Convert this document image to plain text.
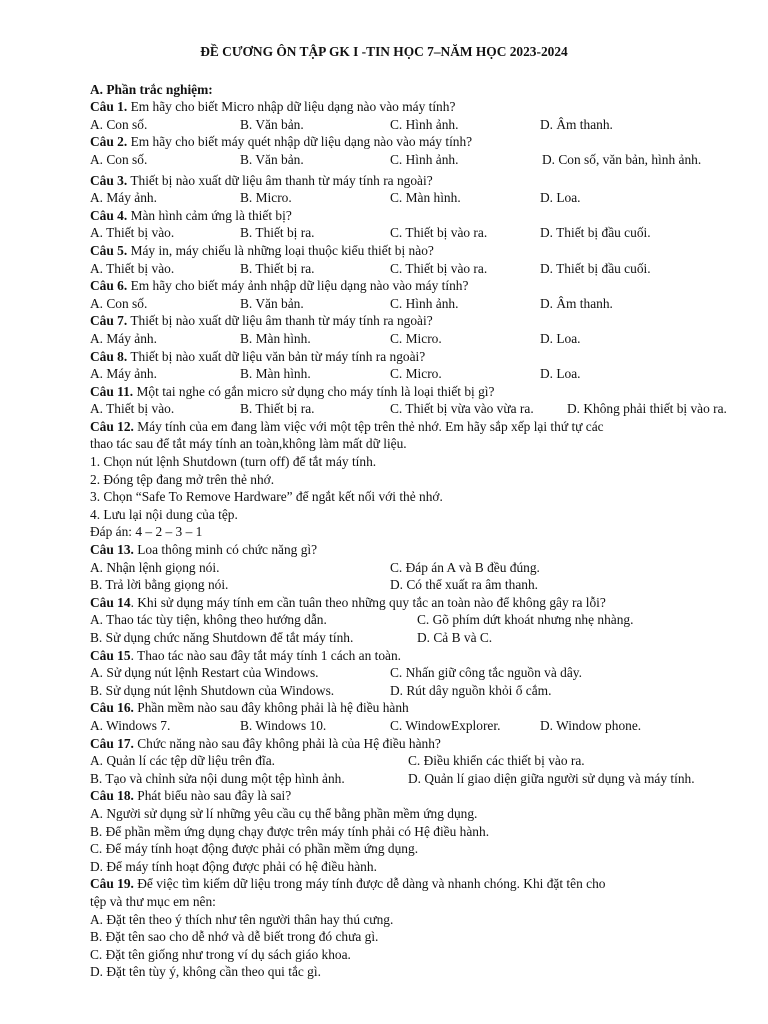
ĐỀ CƯƠNG ÔN TẬP GK I -TIN HỌC 7–NĂM HỌC 2023-2024
A. Phần trắc nghiệm:
Câu 1. Em hãy cho biết Micro nhập dữ liệu dạng nào vào máy tính?
A. Con số.	B. Văn bản.	C. Hình ảnh.	D. Âm thanh.
Câu 2. Em hãy cho biết máy quét nhập dữ liệu dạng nào vào máy tính?
A. Con số.	B. Văn bản.	C. Hình ảnh.	D. Con số, văn bản, hình ảnh.
Câu 3. Thiết bị nào xuất dữ liệu âm thanh từ máy tính ra ngoài?
A. Máy ảnh.	B. Micro.	C. Màn hình.	D. Loa.
Câu 4. Màn hình cảm ứng là thiết bị?
A. Thiết bị vào.	B. Thiết bị ra.	C. Thiết bị vào ra.	D. Thiết bị đầu cuối.
Câu 5. Máy in, máy chiếu là những loại thuộc kiểu thiết bị nào?
A. Thiết bị vào.	B. Thiết bị ra.	C. Thiết bị vào ra.	D. Thiết bị đầu cuối.
Câu 6. Em hãy cho biết máy ảnh nhập dữ liệu dạng nào vào máy tính?
A. Con số.	B. Văn bản.	C. Hình ảnh.	D. Âm thanh.
Câu 7. Thiết bị nào xuất dữ liệu âm thanh từ máy tính ra ngoài?
A. Máy ảnh.	B. Màn hình.	C. Micro.	D. Loa.
Câu 8. Thiết bị nào xuất dữ liệu văn bản từ máy tính ra ngoài?
A. Máy ảnh.	B. Màn hình.	C. Micro.	D. Loa.
Câu 11. Một tai nghe có gắn micro sử dụng cho máy tính là loại thiết bị gì?
A. Thiết bị vào.	B. Thiết bị ra.	C. Thiết bị vừa vào vừa ra.	D. Không phải thiết bị vào ra.
Câu 12. Máy tính của em đang làm việc với một tệp trên thẻ nhớ. Em hãy sắp xếp lại thứ tự các
thao tác sau để tắt máy tính an toàn,không làm mất dữ liệu.
1. Chọn nút lệnh Shutdown (turn off) để tắt máy tính.
2. Đóng tệp đang mở trên thẻ nhớ.
3. Chọn “Safe To Remove Hardware” để ngắt kết nối với thẻ nhớ.
4. Lưu lại nội dung của tệp.
Đáp án: 4 – 2 – 3 – 1
Câu 13. Loa thông minh có chức năng gì?
A. Nhận lệnh giọng nói.	C. Đáp án A và B đều đúng.
B. Trả lời bằng giọng nói.	D. Có thể xuất ra âm thanh.
Câu 14. Khi sử dụng máy tính em cần tuân theo những quy tắc an toàn nào để không gây ra lỗi?
A. Thao tác tùy tiện, không theo hướng dẫn.	C. Gõ phím dứt khoát nhưng nhẹ nhàng.
B. Sử dụng chức năng Shutdown để tắt máy tính.	D. Cả B và C.
Câu 15. Thao tác nào sau đây tắt máy tính 1 cách an toàn.
A. Sử dụng nút lệnh Restart của Windows.	C. Nhấn giữ công tắc nguồn và dây.
B. Sử dụng nút lệnh Shutdown của Windows.	D. Rút dây nguồn khỏi ổ cắm.
Câu 16. Phần mềm nào sau đây không phải là hệ điều hành
A. Windows 7.	B. Windows 10.	C. WindowExplorer.	D. Window phone.
Câu 17. Chức năng nào sau đây không phải là của Hệ điều hành?
A. Quản lí các tệp dữ liệu trên đĩa.	C. Điều khiển các thiết bị vào ra.
B. Tạo và chỉnh sửa nội dung một tệp hình ảnh.	D. Quản lí giao diện giữa người sử dụng và máy tính.
Câu 18. Phát biểu nào sau đây là sai?
A. Người sử dụng sử lí những yêu cầu cụ thể bằng phần mềm ứng dụng.
B. Để phần mềm ứng dụng chạy được trên máy tính phải có Hệ điều hành.
C. Để máy tính hoạt động được phải có phần mềm ứng dụng.
D. Để máy tính hoạt động được phải có hệ điều hành.
Câu 19. Để việc tìm kiếm dữ liệu trong máy tính được dễ dàng và nhanh chóng. Khi đặt tên cho
tệp và thư mục em nên:
A. Đặt tên theo ý thích như tên người thân hay thú cưng.
B. Đặt tên sao cho dễ nhớ và dễ biết trong đó chưa gì.
C. Đặt tên giống như trong ví dụ sách giáo khoa.
D. Đặt tên tùy ý, không cần theo qui tắc gì.
